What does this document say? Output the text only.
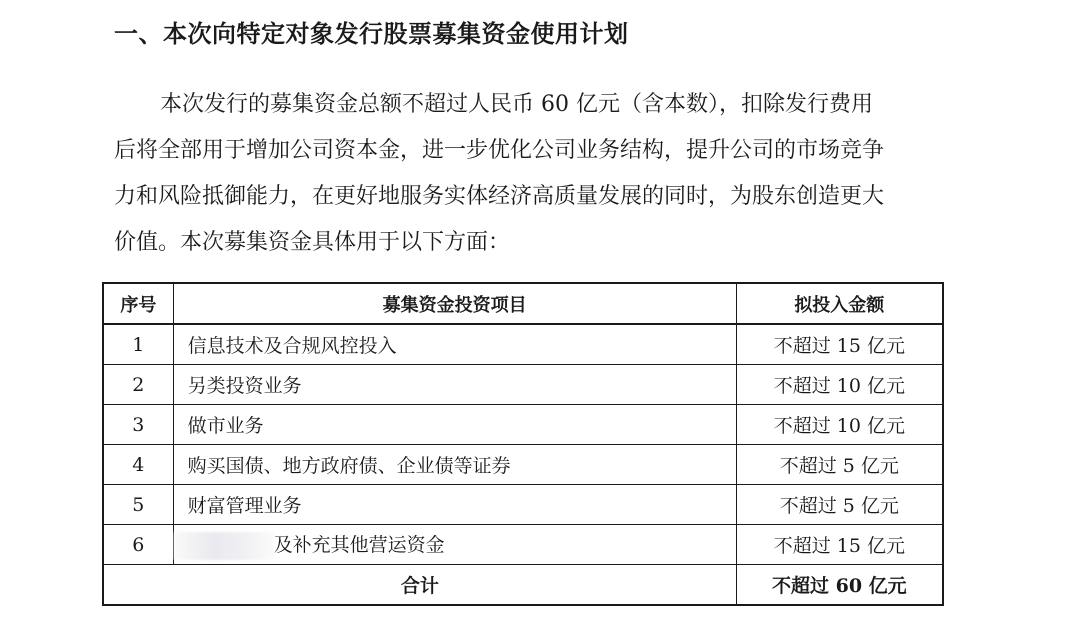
一、本次向特定对象发行股票募集资金使用计划
本次发行的募集资金总额不超过人民币 60 亿元（含本数），扣除发行费用
后将全部用于增加公司资本金，进一步优化公司业务结构，提升公司的市场竞争
力和风险抵御能力，在更好地服务实体经济高质量发展的同时，为股东创造更大
价值。本次募集资金具体用于以下方面：
序号	募集资金投资项目	拟投入金额
1	信息技术及合规风控投入	不超过 15 亿元
2	另类投资业务	不超过 10 亿元
3	做市业务	不超过 10 亿元
4	购买国债、地方政府债、企业债等证券	不超过 5 亿元
5	财富管理业务	不超过 5 亿元
6	及补充其他营运资金	不超过 15 亿元
合计		不超过 60 亿元
